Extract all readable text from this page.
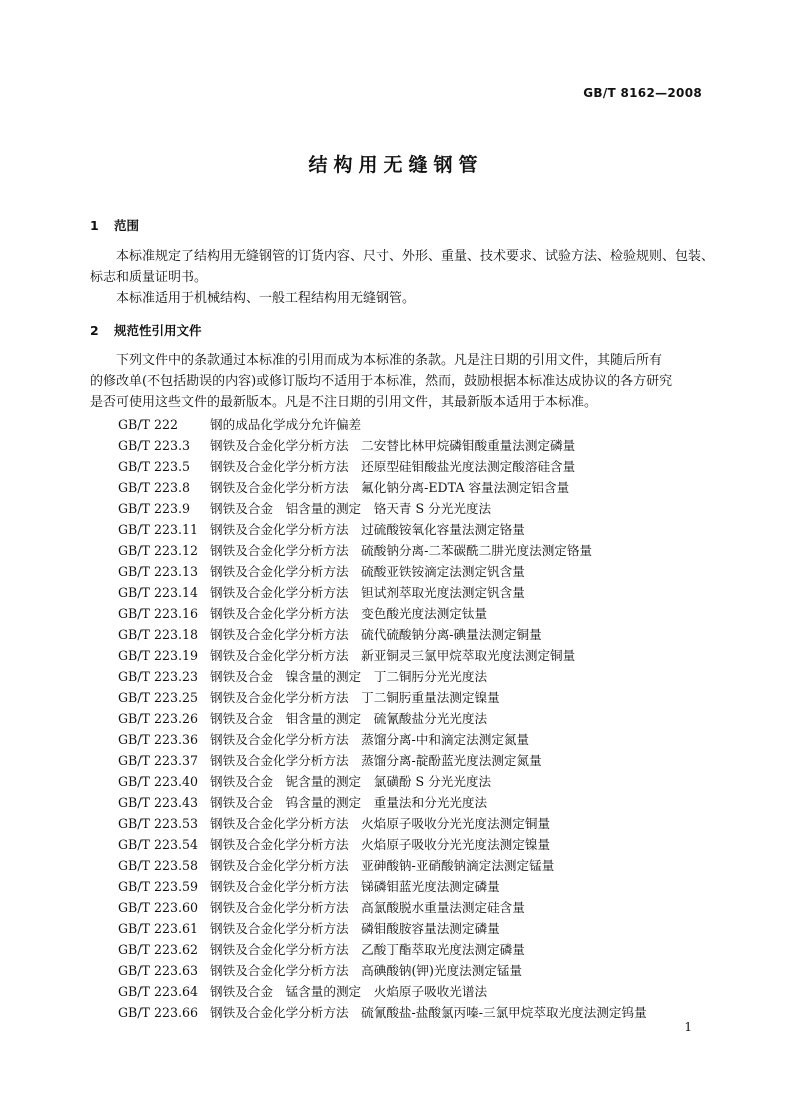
GB/T 8162—2008
结构用无缝钢管
1 范围
本标准规定了结构用无缝钢管的订货内容、尺寸、外形、重量、技术要求、试验方法、检验规则、包装、
标志和质量证明书。
本标准适用于机械结构、一般工程结构用无缝钢管。
2 规范性引用文件
下列文件中的条款通过本标准的引用而成为本标准的条款。凡是注日期的引用文件，其随后所有
的修改单(不包括勘误的内容)或修订版均不适用于本标准，然而，鼓励根据本标准达成协议的各方研究
是否可使用这些文件的最新版本。凡是不注日期的引用文件，其最新版本适用于本标准。
GB/T 222	钢的成品化学成分允许偏差
GB/T 223.3 钢铁及合金化学分析方法　二安替比林甲烷磷钼酸重量法测定磷量
GB/T 223.5 钢铁及合金化学分析方法　还原型硅钼酸盐光度法测定酸溶硅含量
GB/T 223.8 钢铁及合金化学分析方法　氟化钠分离-EDTA 容量法测定铝含量
GB/T 223.9 钢铁及合金　铝含量的测定　铬天青 S 分光光度法
GB/T 223.11 钢铁及合金化学分析方法　过硫酸铵氧化容量法测定铬量
GB/T 223.12 钢铁及合金化学分析方法　硫酸钠分离-二苯碳酰二肼光度法测定铬量
GB/T 223.13 钢铁及合金化学分析方法　硫酸亚铁铵滴定法测定钒含量
GB/T 223.14 钢铁及合金化学分析方法　钽试剂萃取光度法测定钒含量
GB/T 223.16 钢铁及合金化学分析方法　变色酸光度法测定钛量
GB/T 223.18 钢铁及合金化学分析方法　硫代硫酸钠分离-碘量法测定铜量
GB/T 223.19 钢铁及合金化学分析方法　新亚铜灵三氯甲烷萃取光度法测定铜量
GB/T 223.23 钢铁及合金　镍含量的测定　丁二铜肟分光光度法
GB/T 223.25 钢铁及合金化学分析方法　丁二铜肟重量法测定镍量
GB/T 223.26 钢铁及合金　钼含量的测定　硫氰酸盐分光光度法
GB/T 223.36 钢铁及合金化学分析方法　蒸馏分离-中和滴定法测定氮量
GB/T 223.37 钢铁及合金化学分析方法　蒸馏分离-靛酚蓝光度法测定氮量
GB/T 223.40 钢铁及合金　铌含量的测定　氯磺酚 S 分光光度法
GB/T 223.43 钢铁及合金　钨含量的测定　重量法和分光光度法
GB/T 223.53 钢铁及合金化学分析方法　火焰原子吸收分光光度法测定铜量
GB/T 223.54 钢铁及合金化学分析方法　火焰原子吸收分光光度法测定镍量
GB/T 223.58 钢铁及合金化学分析方法　亚砷酸钠-亚硝酸钠滴定法测定锰量
GB/T 223.59 钢铁及合金化学分析方法　锑磷钼蓝光度法测定磷量
GB/T 223.60 钢铁及合金化学分析方法　高氯酸脱水重量法测定硅含量
GB/T 223.61 钢铁及合金化学分析方法　磷钼酸胺容量法测定磷量
GB/T 223.62 钢铁及合金化学分析方法　乙酸丁酯萃取光度法测定磷量
GB/T 223.63 钢铁及合金化学分析方法　高碘酸钠(钾)光度法测定锰量
GB/T 223.64 钢铁及合金　锰含量的测定　火焰原子吸收光谱法
GB/T 223.66 钢铁及合金化学分析方法　硫氰酸盐-盐酸氯丙嗪-三氯甲烷萃取光度法测定钨量
1
